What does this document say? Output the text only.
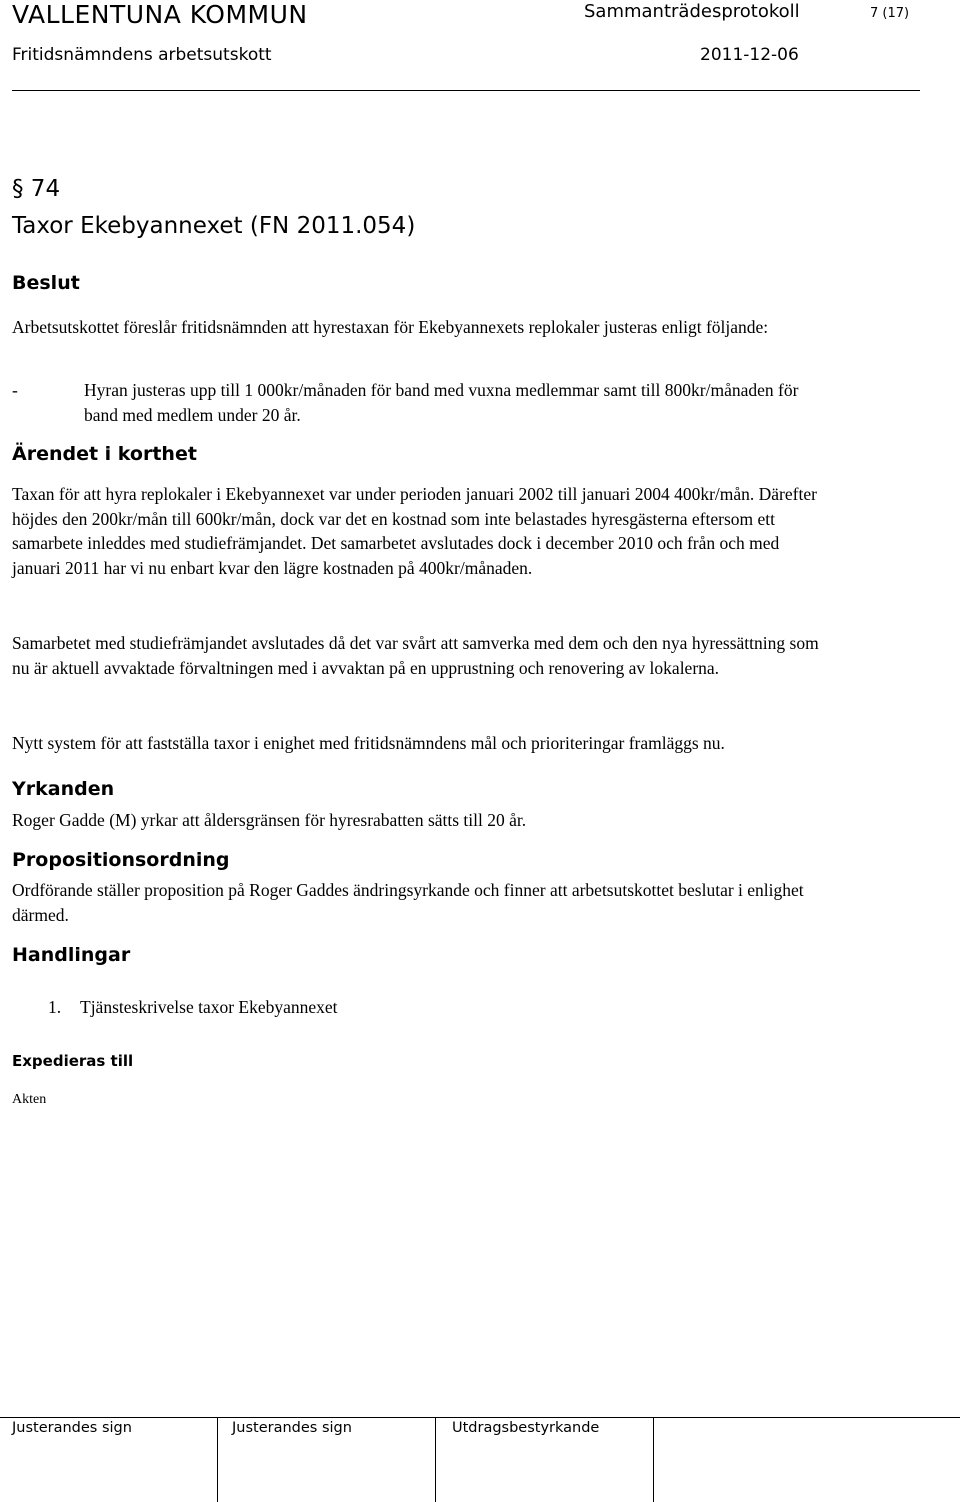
VALLENTUNA KOMMUN	Sammanträdesprotokoll	7 (17)
Fritidsnämndens arbetsutskott	2011-12-06
§ 74
Taxor Ekebyannexet (FN 2011.054)
Beslut
Arbetsutskottet föreslår fritidsnämnden att hyrestaxan för Ekebyannexets replokaler justeras enligt följande:
-	Hyran justeras upp till 1 000kr/månaden för band med vuxna medlemmar samt till 800kr/månaden för band med medlem under 20 år.
Ärendet i korthet
Taxan för att hyra replokaler i Ekebyannexet var under perioden januari 2002 till januari 2004 400kr/mån. Därefter höjdes den 200kr/mån till 600kr/mån, dock var det en kostnad som inte belastades hyresgästerna eftersom ett samarbete inleddes med studiefrämjandet. Det samarbetet avslutades dock i december 2010 och från och med januari 2011 har vi nu enbart kvar den lägre kostnaden på 400kr/månaden.
Samarbetet med studiefrämjandet avslutades då det var svårt att samverka med dem och den nya hyressättning som nu är aktuell avvaktade förvaltningen med i avvaktan på en upprustning och renovering av lokalerna.
Nytt system för att fastställa taxor i enighet med fritidsnämndens mål och prioriteringar framläggs nu.
Yrkanden
Roger Gadde (M) yrkar att åldersgränsen för hyresrabatten sätts till 20 år.
Propositionsordning
Ordförande ställer proposition på Roger Gaddes ändringsyrkande och finner att arbetsutskottet beslutar i enlighet därmed.
Handlingar
1. Tjänsteskrivelse taxor Ekebyannexet
Expedieras till
Akten
Justerandes sign	Justerandes sign	Utdragsbestyrkande
